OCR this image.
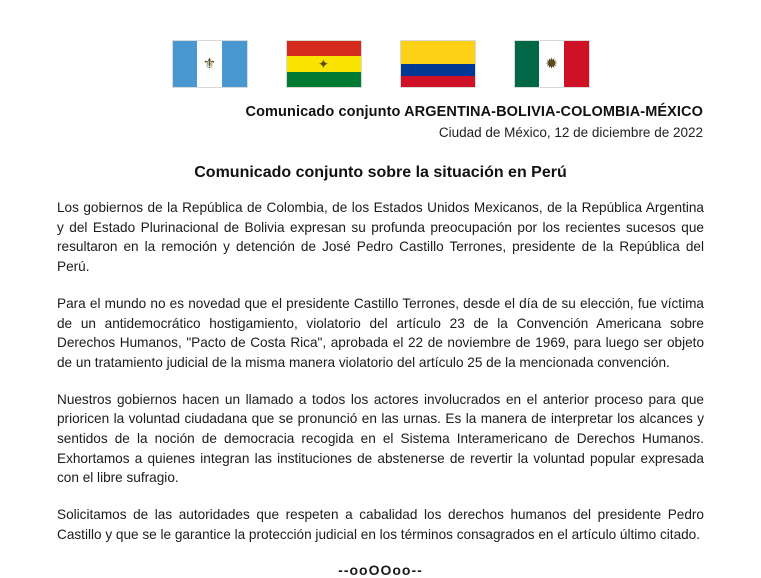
⚜	✦	✹
Comunicado conjunto ARGENTINA-BOLIVIA-COLOMBIA-MÉXICO
Ciudad de México, 12 de diciembre de 2022
Comunicado conjunto sobre la situación en Perú

Los gobiernos de la República de Colombia, de los Estados Unidos Mexicanos, de la República Argentina y del Estado Plurinacional de Bolivia expresan su profunda preocupación por los recientes sucesos que resultaron en la remoción y detención de José Pedro Castillo Terrones, presidente de la República del Perú.

Para el mundo no es novedad que el presidente Castillo Terrones, desde el día de su elección, fue víctima de un antidemocrático hostigamiento, violatorio del artículo 23 de la Convención Americana sobre Derechos Humanos, "Pacto de Costa Rica", aprobada el 22 de noviembre de 1969, para luego ser objeto de un tratamiento judicial de la misma manera violatorio del artículo 25 de la mencionada convención.

Nuestros gobiernos hacen un llamado a todos los actores involucrados en el anterior proceso para que prioricen la voluntad ciudadana que se pronunció en las urnas. Es la manera de interpretar los alcances y sentidos de la noción de democracia recogida en el Sistema Interamericano de Derechos Humanos. Exhortamos a quienes integran las instituciones de abstenerse de revertir la voluntad popular expresada con el libre sufragio.

Solicitamos de las autoridades que respeten a cabalidad los derechos humanos del presidente Pedro Castillo y que se le garantice la protección judicial en los términos consagrados en el artículo último citado.

--ooOOoo--
